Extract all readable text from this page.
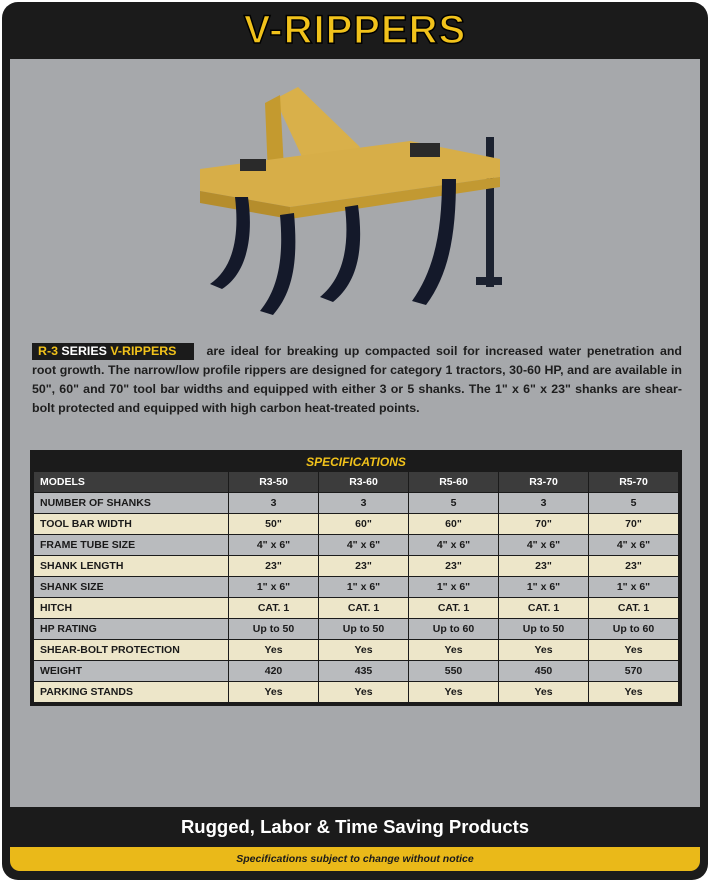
V-RIPPERS
R-3 SERIES V-RIPPERS are ideal for breaking up compacted soil for increased water penetration and root growth. The narrow/low profile rippers are designed for category 1 tractors, 30-60 HP, and are available in 50", 60" and 70" tool bar widths and equipped with either 3 or 5 shanks. The 1" x 6" x 23" shanks are shear-bolt protected and equipped with high carbon heat-treated points.
SPECIFICATIONS
MODELS	R3-50	R3-60	R5-60	R3-70	R5-70
NUMBER OF SHANKS	3	3	5	3	5
TOOL BAR WIDTH	50"	60"	60"	70"	70"
FRAME TUBE SIZE	4" x 6"	4" x 6"	4" x 6"	4" x 6"	4" x 6"
SHANK LENGTH	23"	23"	23"	23"	23"
SHANK SIZE	1" x 6"	1" x 6"	1" x 6"	1" x 6"	1" x 6"
HITCH	CAT. 1	CAT. 1	CAT. 1	CAT. 1	CAT. 1
HP RATING	Up to 50	Up to 50	Up to 60	Up to 50	Up to 60
SHEAR-BOLT PROTECTION	Yes	Yes	Yes	Yes	Yes
WEIGHT	420	435	550	450	570
PARKING STANDS	Yes	Yes	Yes	Yes	Yes
Rugged, Labor & Time Saving Products
Specifications subject to change without notice
